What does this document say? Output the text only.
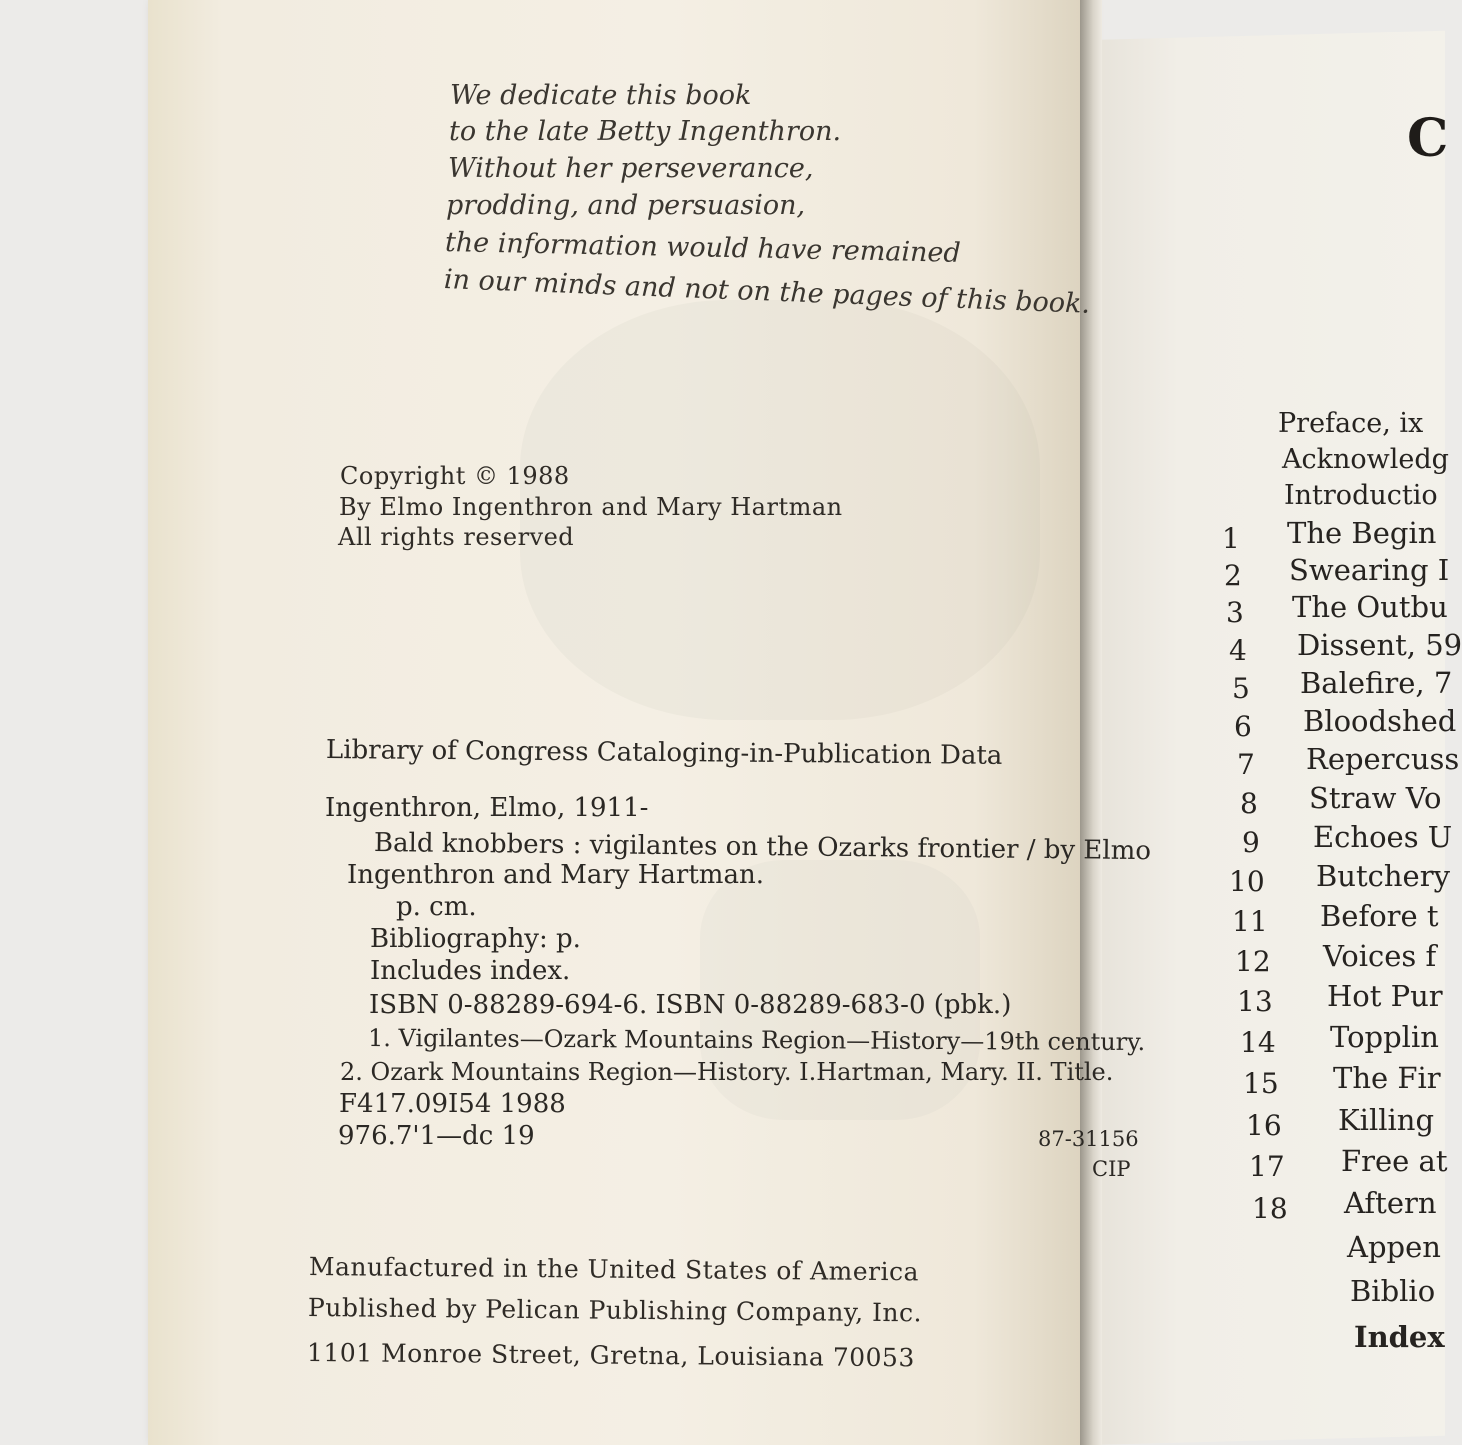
We dedicate this book
to the late Betty Ingenthron.
Without her perseverance,
prodding, and persuasion,
the information would have remained
in our minds and not on the pages of this book.
Copyright © 1988
By Elmo Ingenthron and Mary Hartman
All rights reserved
Library of Congress Cataloging-in-Publication Data
Ingenthron, Elmo, 1911-
Bald knobbers : vigilantes on the Ozarks frontier / by Elmo
Ingenthron and Mary Hartman.
p. cm.
Bibliography: p.
Includes index.
ISBN 0-88289-694-6. ISBN 0-88289-683-0 (pbk.)
1. Vigilantes—Ozark Mountains Region—History—19th century.
2. Ozark Mountains Region—History. I.Hartman, Mary. II. Title.
F417.09I54 1988
976.7'1—dc 19	87-31156
CIP
Manufactured in the United States of America
Published by Pelican Publishing Company, Inc.
1101 Monroe Street, Gretna, Louisiana 70053
C
Preface, ix
Acknowledg
Introductio
1 The Begin
2 Swearing I
3 The Outbu
4 Dissent, 59
5 Balefire, 7
6 Bloodshed
7 Repercuss
8 Straw Vo
9 Echoes U
10 Butchery
11 Before t
12 Voices f
13 Hot Pur
14 Topplin
15 The Fir
16 Killing
17 Free at
18 Aftern
Appen
Biblio
Index
